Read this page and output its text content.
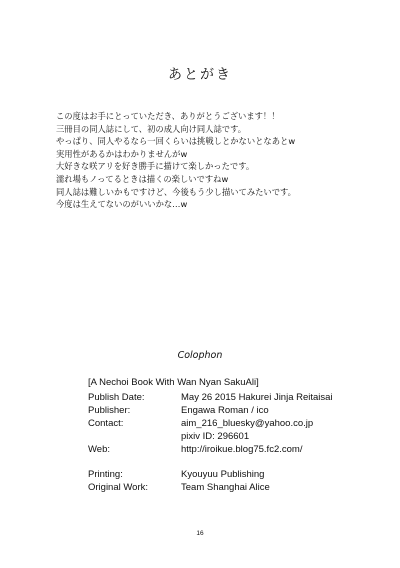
あとがき
この度はお手にとっていただき、ありがとうございます！！
三冊目の同人誌にして、初の成人向け同人誌です。
やっぱり、同人やるなら一回くらいは挑戦しとかないとなあとw
実用性があるかはわかりませんがw
大好きな咲アリを好き勝手に描けて楽しかったです。
濡れ場もノってるときは描くの楽しいですねw
同人誌は難しいかもですけど、今後もう少し描いてみたいです。
今度は生えてないのがいいかな…w
Colophon
[A Nechoi Book With Wan Nyan SakuAli]
Publish Date:	May 26 2015 Hakurei Jinja Reitaisai
Publisher:	Engawa Roman / ico
Contact:	aim_216_bluesky@yahoo.co.jp
pixiv ID: 296601
Web:	http://iroikue.blog75.fc2.com/
Printing:	Kyouyuu Publishing
Original Work:	Team Shanghai Alice
16
